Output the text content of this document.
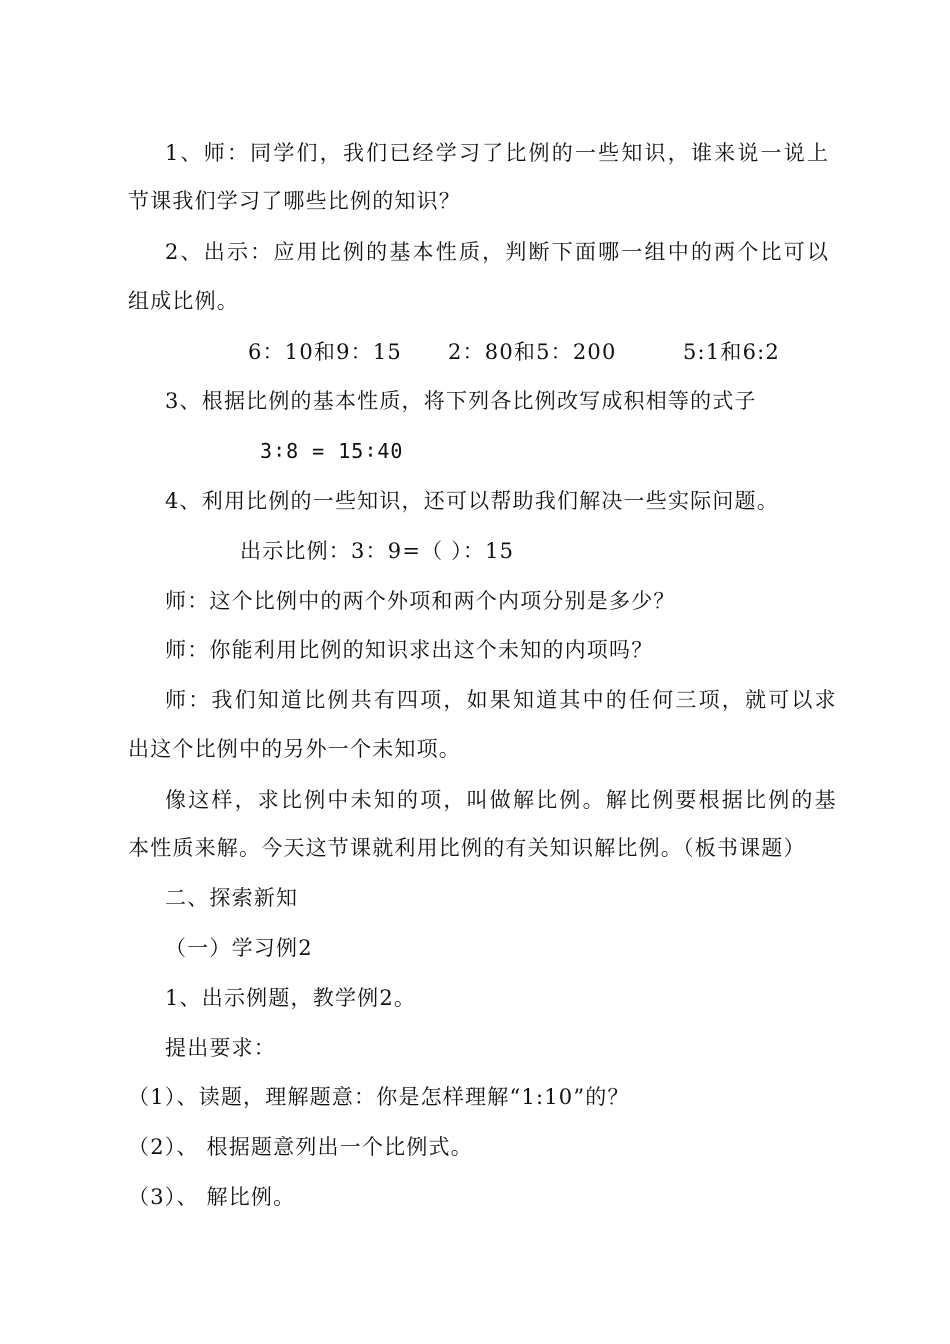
1、师：同学们，我们已经学习了比例的一些知识，谁来说一说上
节课我们学习了哪些比例的知识？
2、出示：应用比例的基本性质，判断下面哪一组中的两个比可以
组成比例。
6：10和9：15 2：80和5：200	5:1和6:2
3、根据比例的基本性质，将下列各比例改写成积相等的式子
3∶8 = 15∶40
4、利用比例的一些知识，还可以帮助我们解决一些实际问题。
出示比例：3：9=（ ）：15
师：这个比例中的两个外项和两个内项分别是多少？
师：你能利用比例的知识求出这个未知的内项吗？
师：我们知道比例共有四项，如果知道其中的任何三项，就可以求
出这个比例中的另外一个未知项。
像这样，求比例中未知的项，叫做解比例。解比例要根据比例的基
本性质来解。今天这节课就利用比例的有关知识解比例。（板书课题）
二、探索新知
（一）学习例2
1、出示例题，教学例2。
提出要求：
（1）、读题，理解题意：你是怎样理解“1:10”的？
（2）、 根据题意列出一个比例式。
（3）、 解比例。
